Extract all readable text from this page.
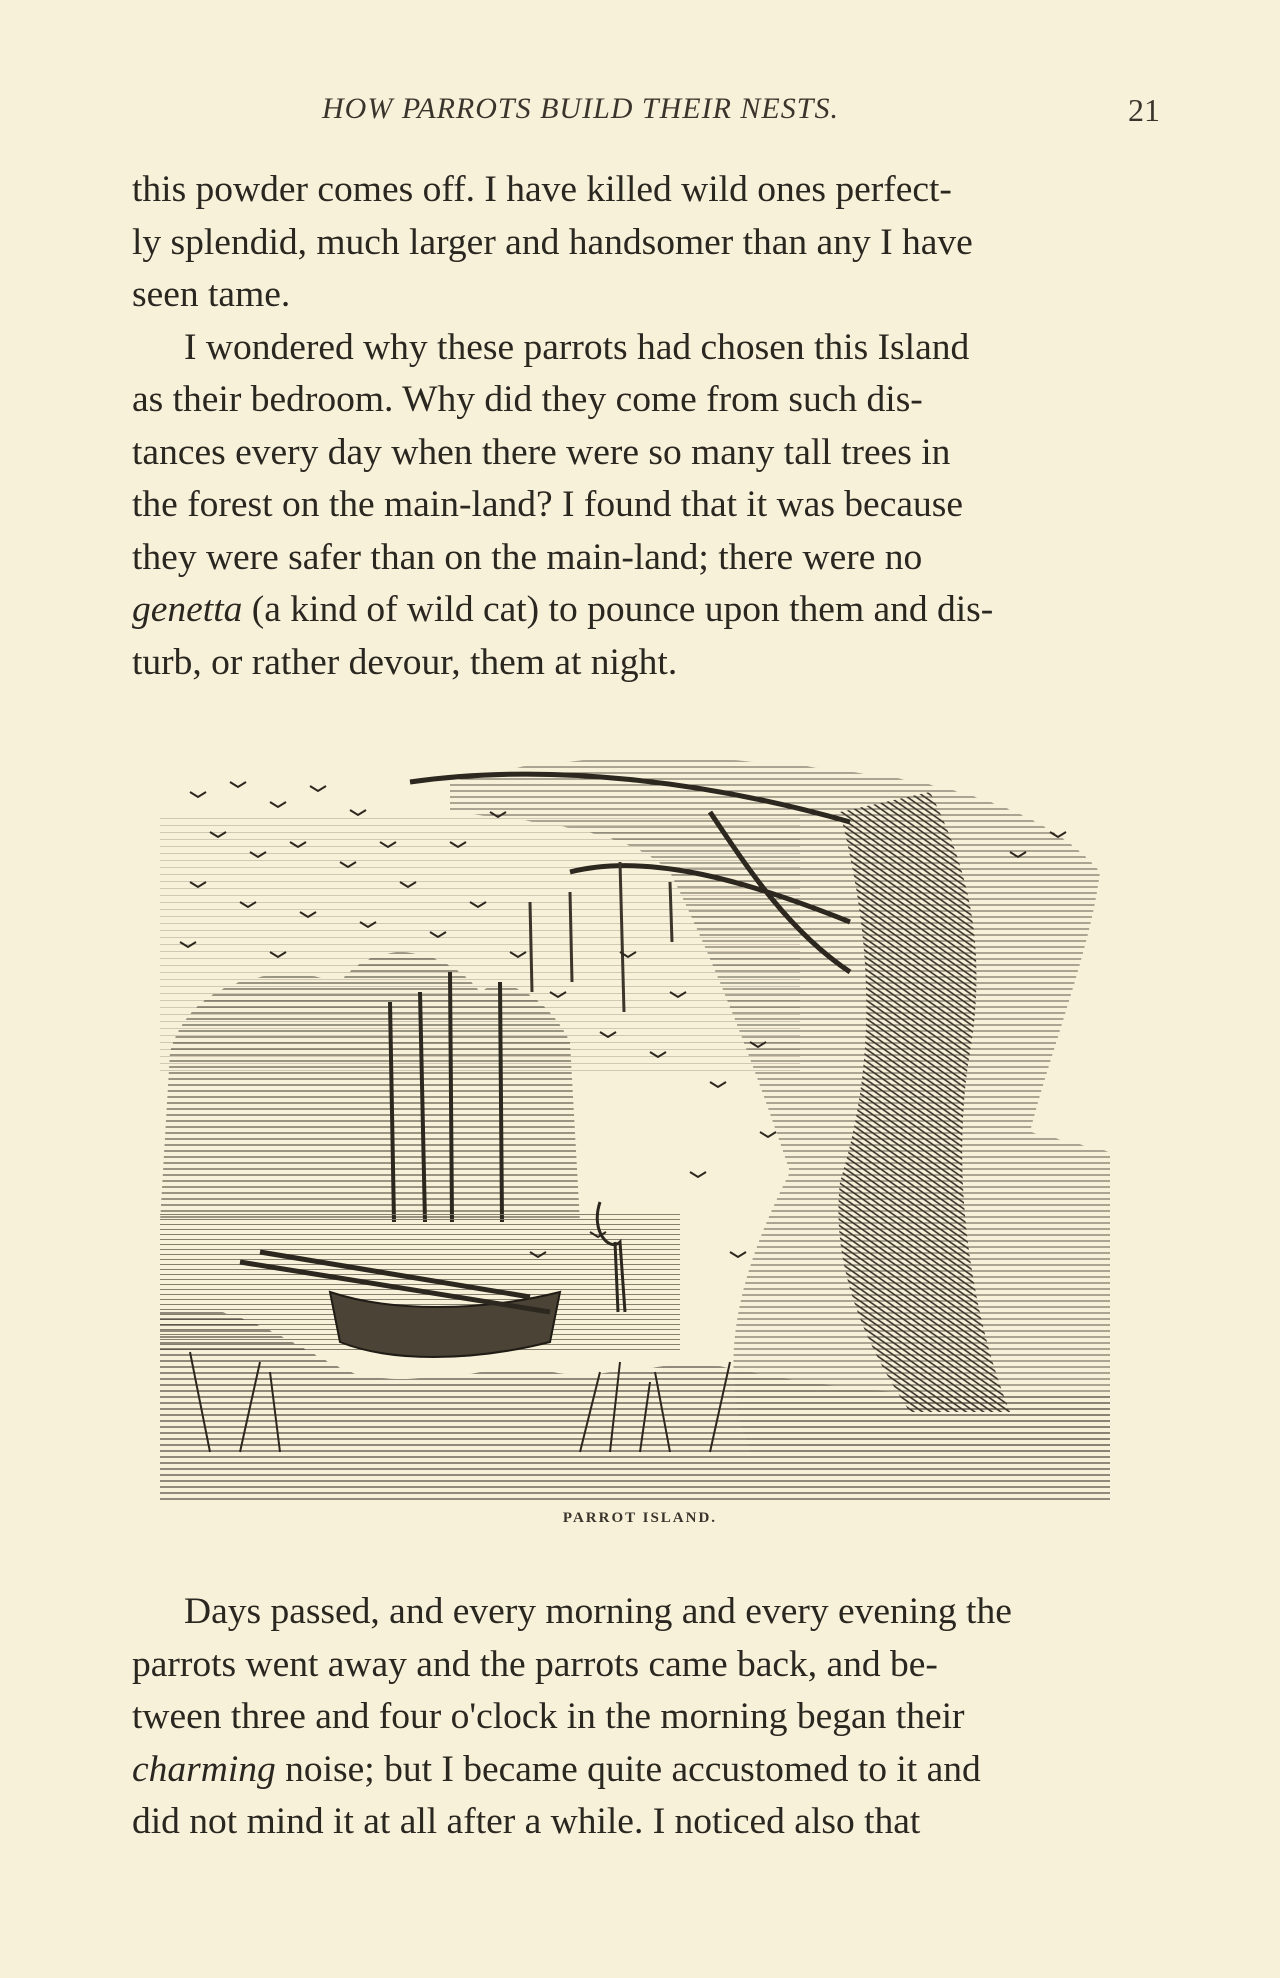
HOW PARROTS BUILD THEIR NESTS.	21

this powder comes off. I have killed wild ones perfect-
ly splendid, much larger and handsomer than any I have
seen tame.

I wondered why these parrots had chosen this Island
as their bedroom. Why did they come from such dis-
tances every day when there were so many tall trees in
the forest on the main-land? I found that it was because
they were safer than on the main-land; there were no
genetta (a kind of wild cat) to pounce upon them and dis-
turb, or rather devour, them at night.

PARROT ISLAND.

Days passed, and every morning and every evening the
parrots went away and the parrots came back, and be-
tween three and four o'clock in the morning began their
charming noise; but I became quite accustomed to it and
did not mind it at all after a while. I noticed also that
